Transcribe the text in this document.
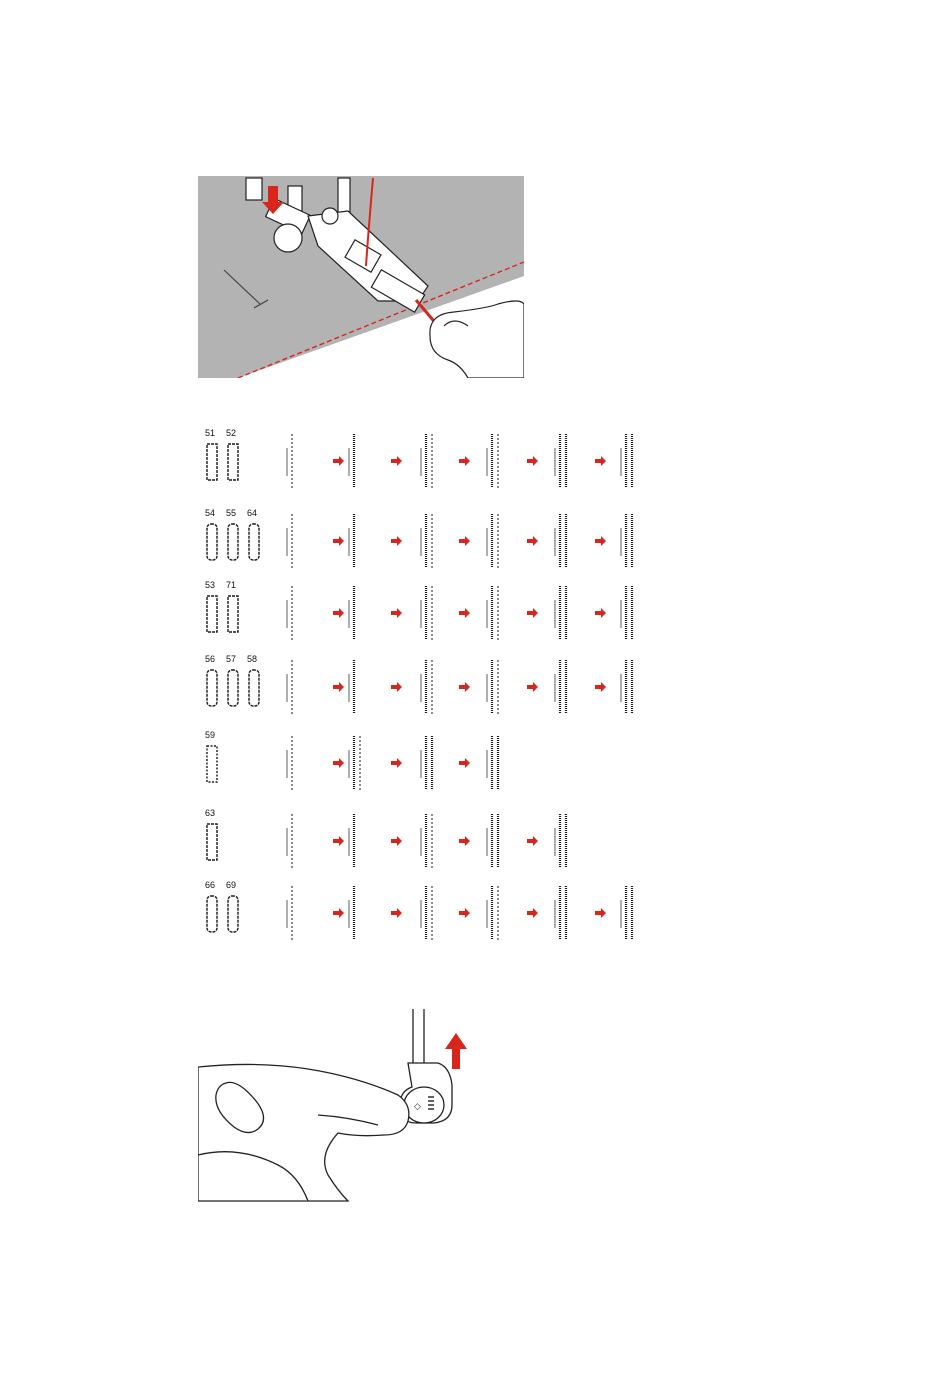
51 52
54 55 64
53 71
56 57 58
59
63
66 69
◇
